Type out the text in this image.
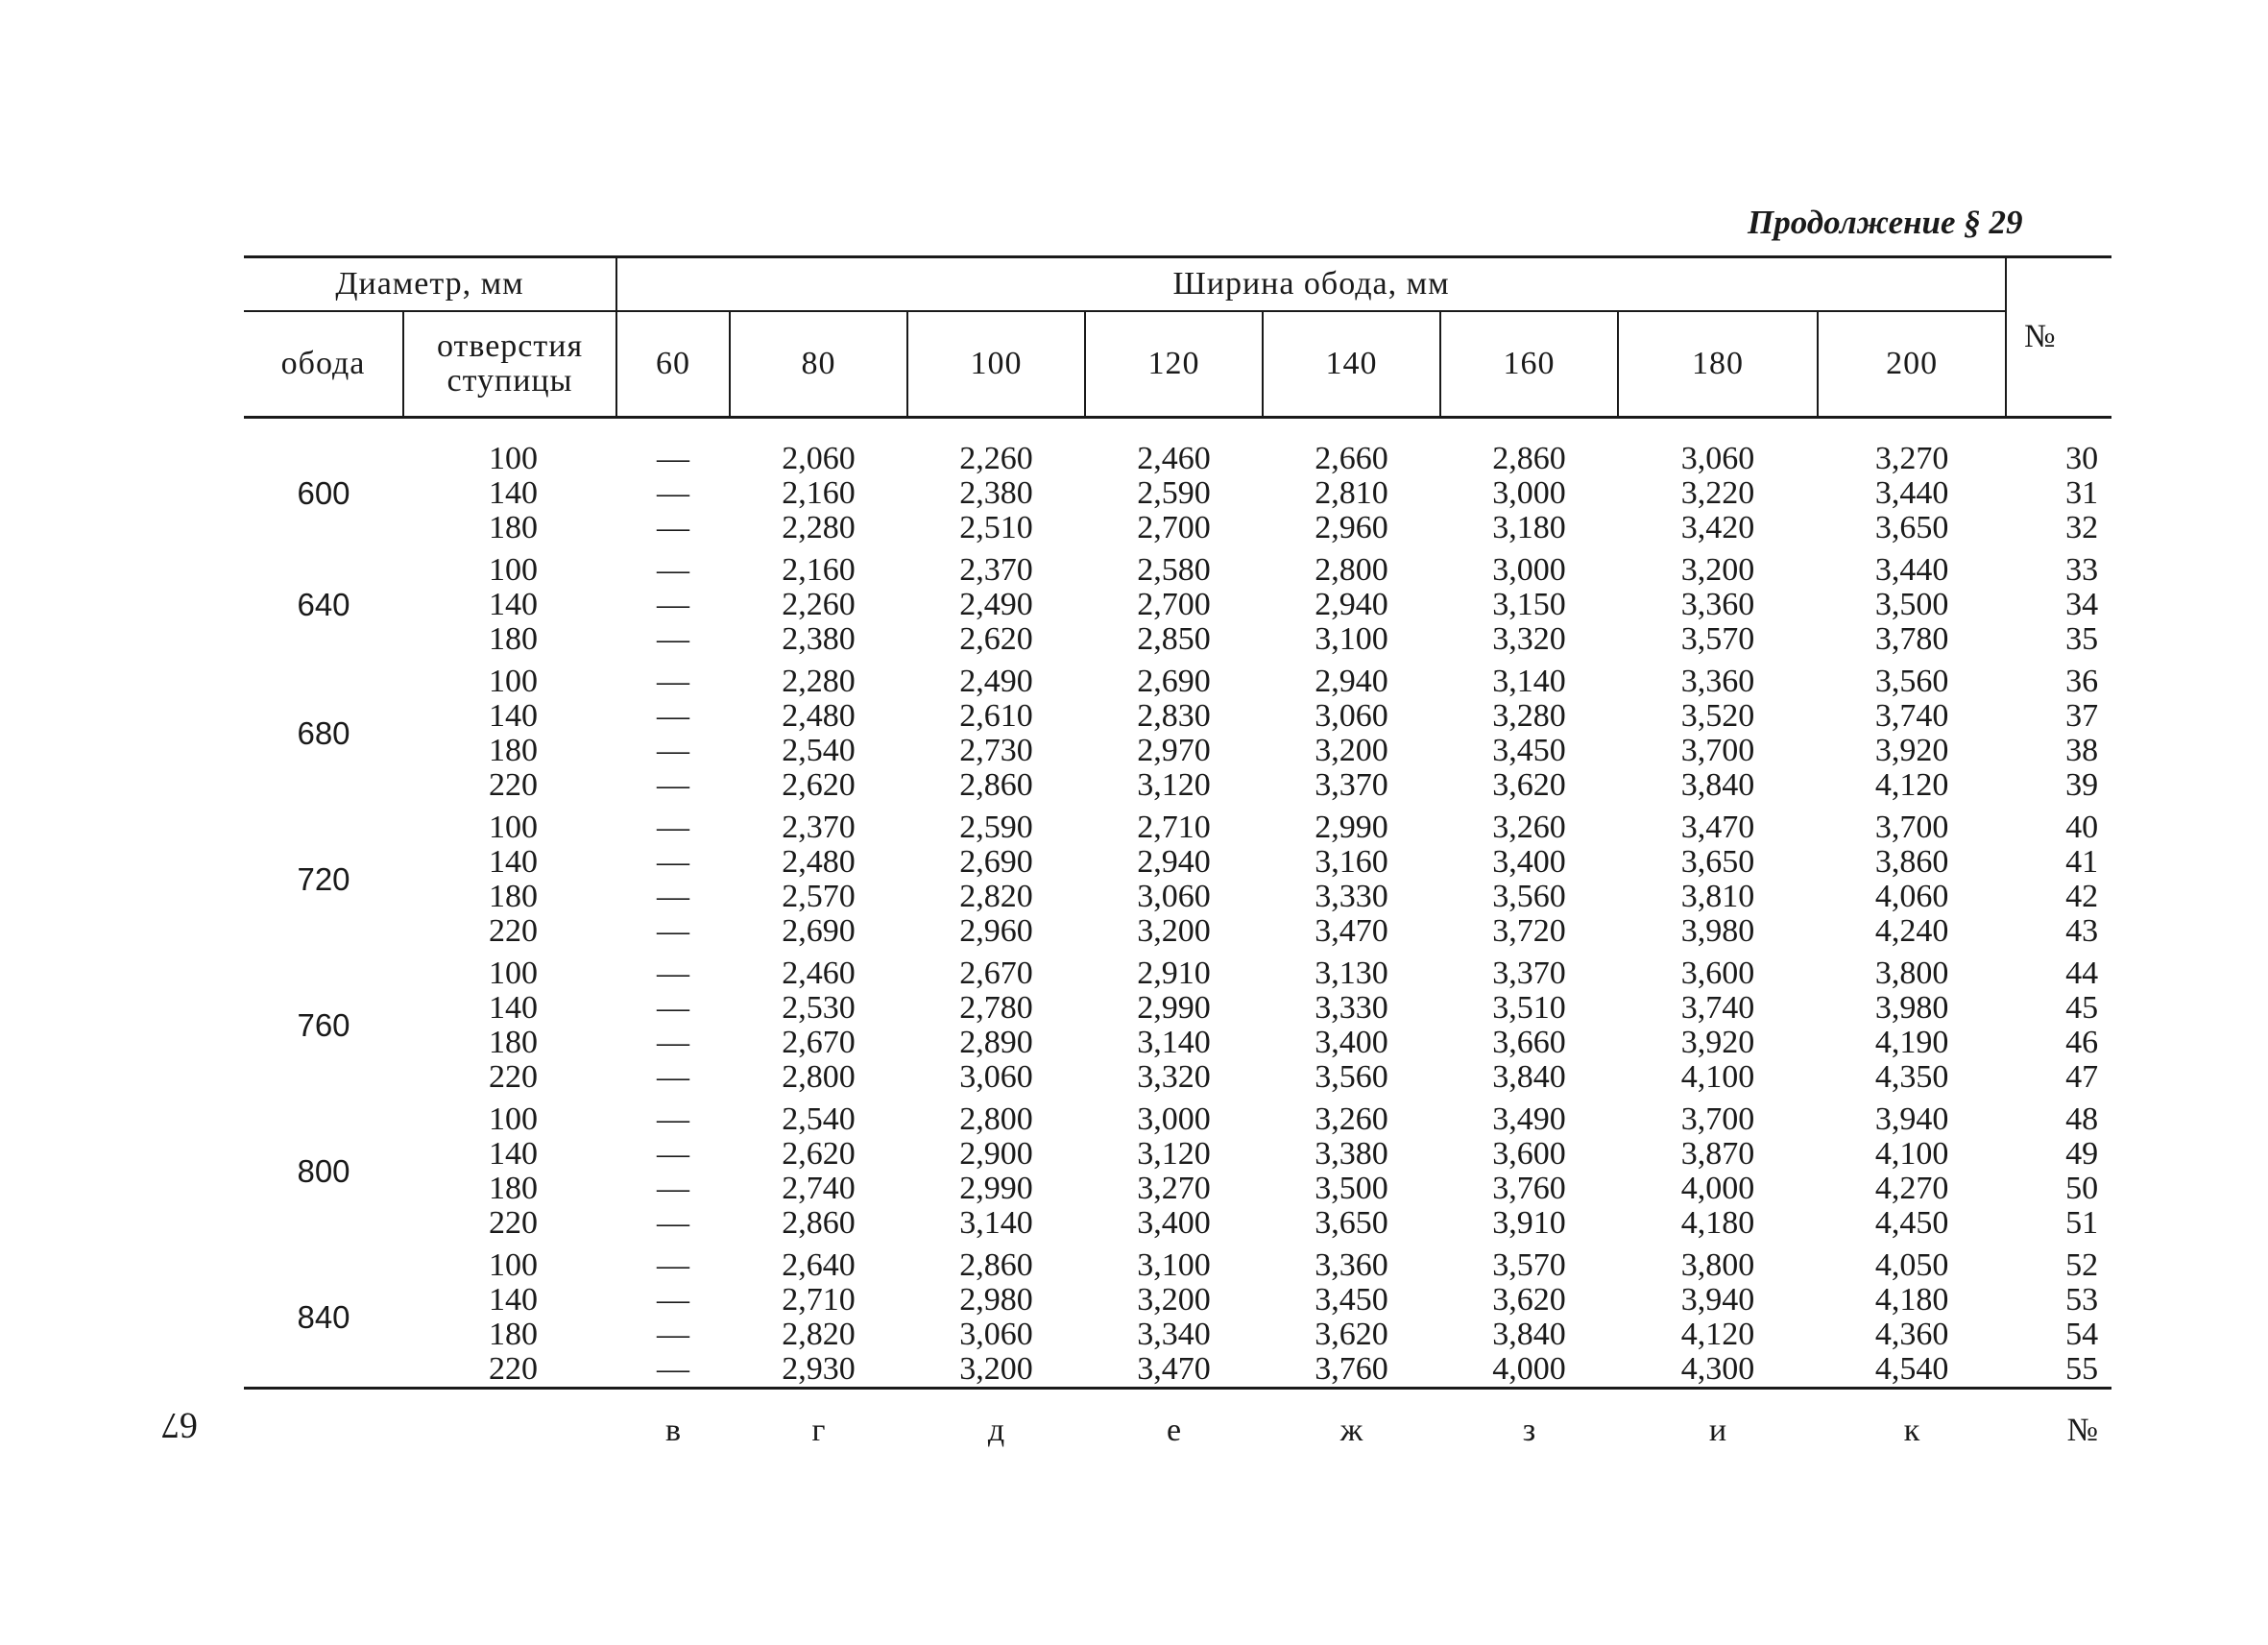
Продолжение § 29
67
Диаметр, мм		Ширина обода, мм								№
обода	отверстия ступицы	60	80	100	120	140	160	180	200	

600	100	—	2,060	2,260	2,460	2,660	2,860	3,060	3,270	30
	140	—	2,160	2,380	2,590	2,810	3,000	3,220	3,440	31
	180	—	2,280	2,510	2,700	2,960	3,180	3,420	3,650	32
640	100	—	2,160	2,370	2,580	2,800	3,000	3,200	3,440	33
	140	—	2,260	2,490	2,700	2,940	3,150	3,360	3,500	34
	180	—	2,380	2,620	2,850	3,100	3,320	3,570	3,780	35
680	100	—	2,280	2,490	2,690	2,940	3,140	3,360	3,560	36
	140	—	2,480	2,610	2,830	3,060	3,280	3,520	3,740	37
	180	—	2,540	2,730	2,970	3,200	3,450	3,700	3,920	38
	220	—	2,620	2,860	3,120	3,370	3,620	3,840	4,120	39
720	100	—	2,370	2,590	2,710	2,990	3,260	3,470	3,700	40
	140	—	2,480	2,690	2,940	3,160	3,400	3,650	3,860	41
	180	—	2,570	2,820	3,060	3,330	3,560	3,810	4,060	42
	220	—	2,690	2,960	3,200	3,470	3,720	3,980	4,240	43
760	100	—	2,460	2,670	2,910	3,130	3,370	3,600	3,800	44
	140	—	2,530	2,780	2,990	3,330	3,510	3,740	3,980	45
	180	—	2,670	2,890	3,140	3,400	3,660	3,920	4,190	46
	220	—	2,800	3,060	3,320	3,560	3,840	4,100	4,350	47
800	100	—	2,540	2,800	3,000	3,260	3,490	3,700	3,940	48
	140	—	2,620	2,900	3,120	3,380	3,600	3,870	4,100	49
	180	—	2,740	2,990	3,270	3,500	3,760	4,000	4,270	50
	220	—	2,860	3,140	3,400	3,650	3,910	4,180	4,450	51
840	100	—	2,640	2,860	3,100	3,360	3,570	3,800	4,050	52
	140	—	2,710	2,980	3,200	3,450	3,620	3,940	4,180	53
	180	—	2,820	3,060	3,340	3,620	3,840	4,120	4,360	54
	220	—	2,930	3,200	3,470	3,760	4,000	4,300	4,540	55

		в	г	д	е	ж	з	и	к	№
